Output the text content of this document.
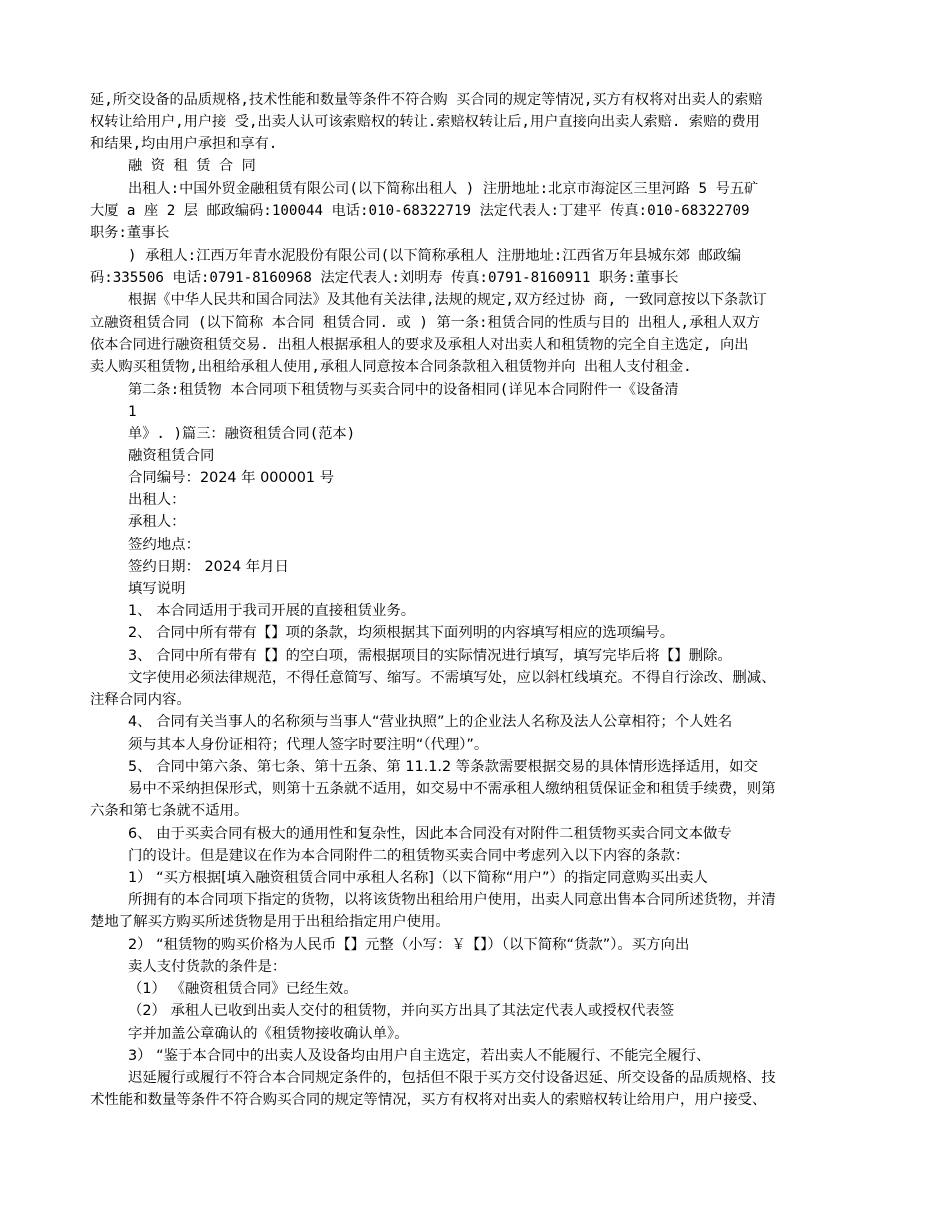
延,所交设备的品质规格,技术性能和数量等条件不符合购 买合同的规定等情况,买方有权将对出卖人的索赔
权转让给用户,用户接 受,出卖人认可该索赔权的转让.索赔权转让后,用户直接向出卖人索赔. 索赔的费用
和结果,均由用户承担和享有.
融 资 租 赁 合 同
出租人:中国外贸金融租赁有限公司(以下简称出租人 ) 注册地址:北京市海淀区三里河路 5 号五矿
大厦 a 座 2 层 邮政编码:100044 电话:010-68322719 法定代表人:丁建平 传真:010-68322709
职务:董事长
) 承租人:江西万年青水泥股份有限公司(以下简称承租人 注册地址:江西省万年县城东郊 邮政编
码:335506 电话:0791-8160968 法定代表人:刘明寿 传真:0791-8160911 职务:董事长
根据《中华人民共和国合同法》及其他有关法律,法规的规定,双方经过协 商, 一致同意按以下条款订
立融资租赁合同 (以下简称 本合同 租赁合同. 或 ) 第一条:租赁合同的性质与目的 出租人,承租人双方
依本合同进行融资租赁交易. 出租人根据承租人的要求及承租人对出卖人和租赁物的完全自主选定, 向出
卖人购买租赁物,出租给承租人使用,承租人同意按本合同条款租入租赁物并向 出租人支付租金.
第二条:租赁物 本合同项下租赁物与买卖合同中的设备相同(详见本合同附件一《设备清
1
单》. )篇三：融资租赁合同(范本)
融资租赁合同
合同编号：2024 年 000001 号
出租人：
承租人：
签约地点：
签约日期： 2024 年月日
填写说明
1、 本合同适用于我司开展的直接租赁业务。
2、 合同中所有带有【】项的条款，均须根据其下面列明的内容填写相应的选项编号。
3、 合同中所有带有【】的空白项，需根据项目的实际情况进行填写，填写完毕后将【】删除。
文字使用必须法律规范，不得任意简写、缩写。不需填写处，应以斜杠线填充。不得自行涂改、删减、
注释合同内容。
4、 合同有关当事人的名称须与当事人“营业执照”上的企业法人名称及法人公章相符；个人姓名
须与其本人身份证相符；代理人签字时要注明“（代理）”。
5、 合同中第六条、第七条、第十五条、第 11.1.2 等条款需要根据交易的具体情形选择适用，如交
易中不采纳担保形式，则第十五条就不适用，如交易中不需承租人缴纳租赁保证金和租赁手续费，则第
六条和第七条就不适用。
6、 由于买卖合同有极大的通用性和复杂性，因此本合同没有对附件二租赁物买卖合同文本做专
门的设计。但是建议在作为本合同附件二的租赁物买卖合同中考虑列入以下内容的条款：
1） “买方根据[填入融资租赁合同中承租人名称]（以下简称“用户”）的指定同意购买出卖人
所拥有的本合同项下指定的货物，以将该货物出租给用户使用，出卖人同意出售本合同所述货物，并清
楚地了解买方购买所述货物是用于出租给指定用户使用。
2） “租赁物的购买价格为人民币【】元整（小写：￥【】）（以下简称“货款”）。买方向出
卖人支付货款的条件是：
（1） 《融资租赁合同》已经生效。
（2） 承租人已收到出卖人交付的租赁物，并向买方出具了其法定代表人或授权代表签
字并加盖公章确认的《租赁物接收确认单》。
3） “鉴于本合同中的出卖人及设备均由用户自主选定，若出卖人不能履行、不能完全履行、
迟延履行或履行不符合本合同规定条件的，包括但不限于买方交付设备迟延、所交设备的品质规格、技
术性能和数量等条件不符合购买合同的规定等情况，买方有权将对出卖人的索赔权转让给用户，用户接受、
